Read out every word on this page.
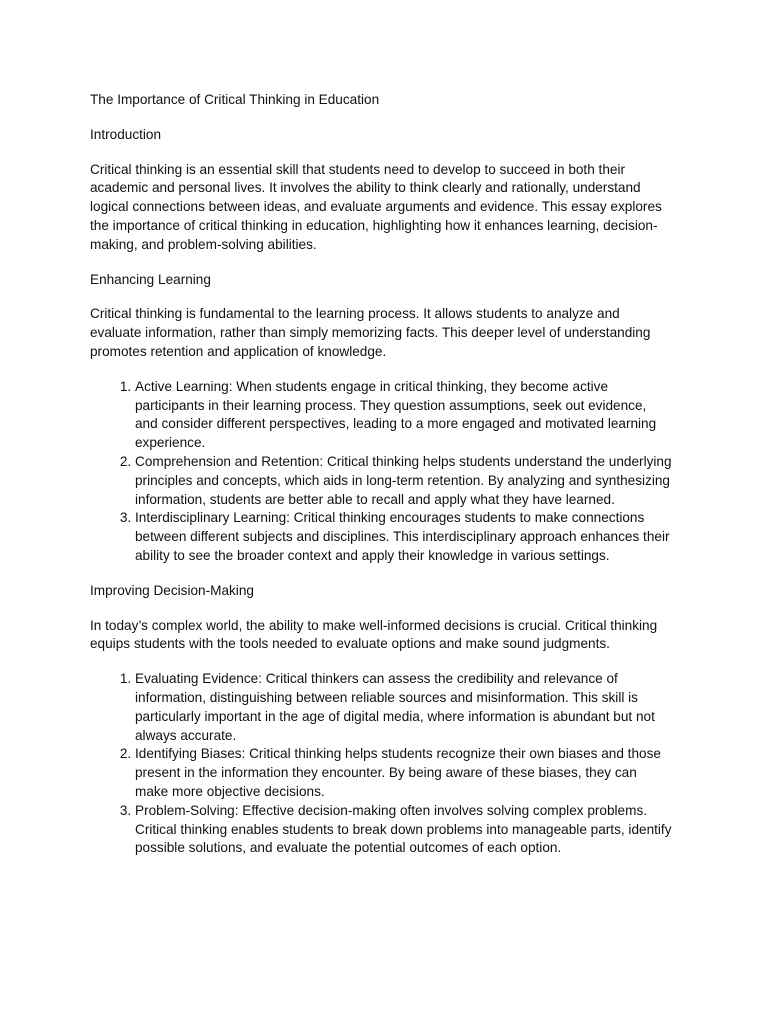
The Importance of Critical Thinking in Education
Introduction

Critical thinking is an essential skill that students need to develop to succeed in both their academic and personal lives. It involves the ability to think clearly and rationally, understand logical connections between ideas, and evaluate arguments and evidence. This essay explores the importance of critical thinking in education, highlighting how it enhances learning, decision-making, and problem-solving abilities.

Enhancing Learning

Critical thinking is fundamental to the learning process. It allows students to analyze and evaluate information, rather than simply memorizing facts. This deeper level of understanding promotes retention and application of knowledge.

1. Active Learning: When students engage in critical thinking, they become active participants in their learning process. They question assumptions, seek out evidence, and consider different perspectives, leading to a more engaged and motivated learning experience.
2. Comprehension and Retention: Critical thinking helps students understand the underlying principles and concepts, which aids in long-term retention. By analyzing and synthesizing information, students are better able to recall and apply what they have learned.
3. Interdisciplinary Learning: Critical thinking encourages students to make connections between different subjects and disciplines. This interdisciplinary approach enhances their ability to see the broader context and apply their knowledge in various settings.
Improving Decision-Making

In today’s complex world, the ability to make well-informed decisions is crucial. Critical thinking equips students with the tools needed to evaluate options and make sound judgments.

1. Evaluating Evidence: Critical thinkers can assess the credibility and relevance of information, distinguishing between reliable sources and misinformation. This skill is particularly important in the age of digital media, where information is abundant but not always accurate.
2. Identifying Biases: Critical thinking helps students recognize their own biases and those present in the information they encounter. By being aware of these biases, they can make more objective decisions.
3. Problem-Solving: Effective decision-making often involves solving complex problems. Critical thinking enables students to break down problems into manageable parts, identify possible solutions, and evaluate the potential outcomes of each option.
